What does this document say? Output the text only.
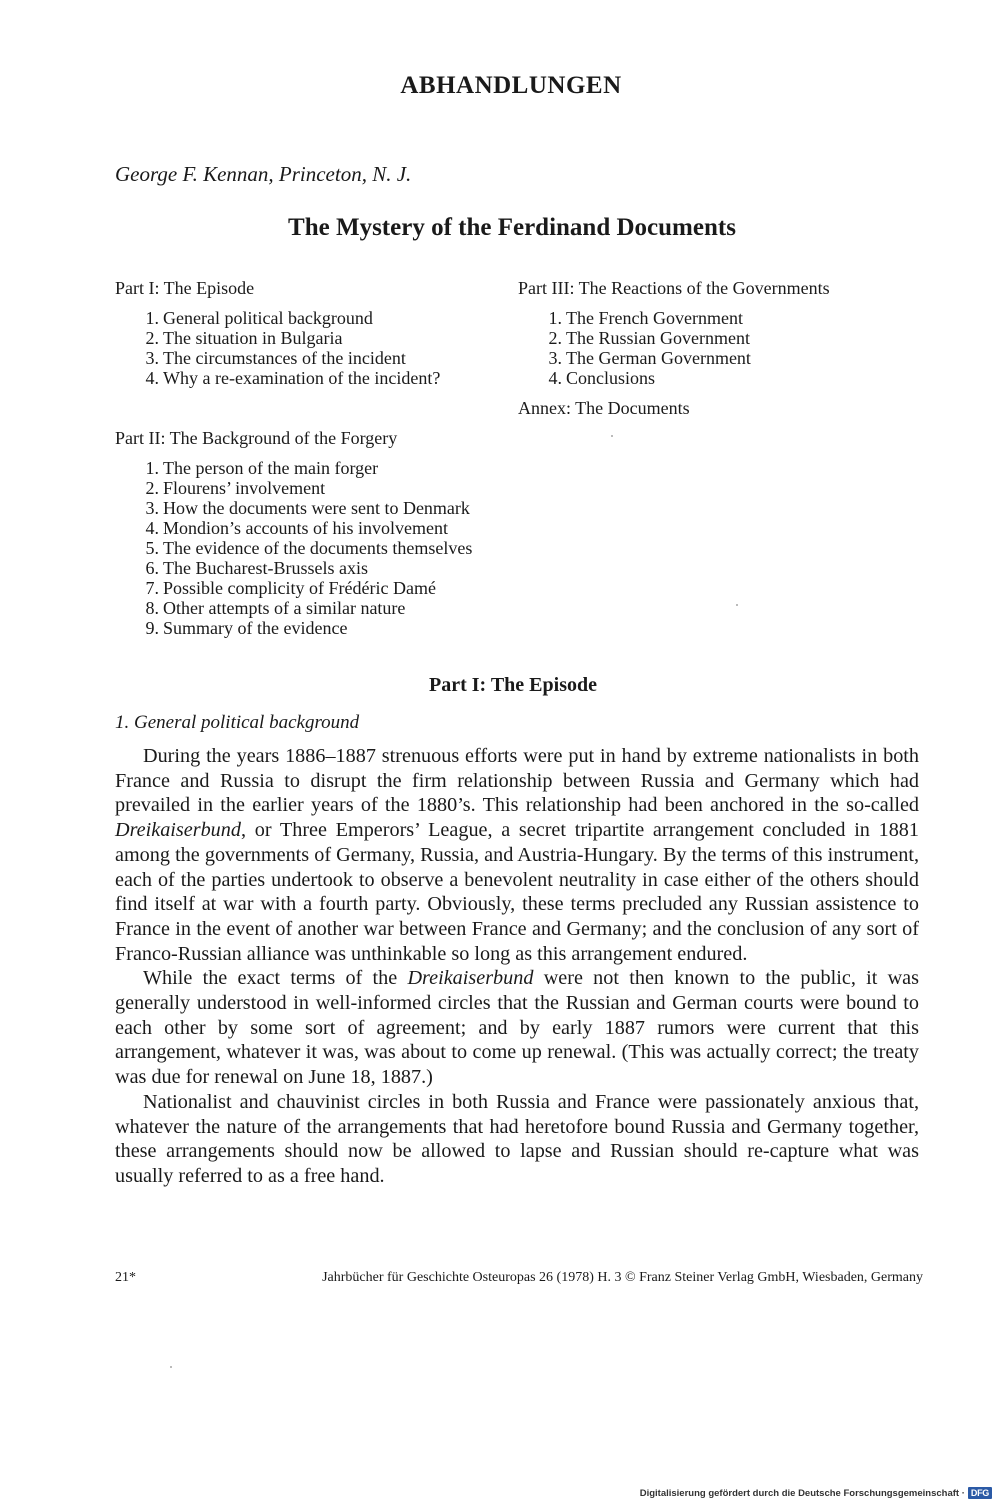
ABHANDLUNGEN
George F. Kennan, Princeton, N. J.
The Mystery of the Ferdinand Documents
Part I: The Episode
1. General political background
2. The situation in Bulgaria
3. The circumstances of the incident
4. Why a re-examination of the incident?
Part III: The Reactions of the Governments
1. The French Government
2. The Russian Government
3. The German Government
4. Conclusions
Annex: The Documents
Part II: The Background of the Forgery
1. The person of the main forger
2. Flourens’ involvement
3. How the documents were sent to Denmark
4. Mondion’s accounts of his involvement
5. The evidence of the documents themselves
6. The Bucharest-Brussels axis
7. Possible complicity of Frédéric Damé
8. Other attempts of a similar nature
9. Summary of the evidence
Part I: The Episode
1. General political background

During the years 1886–1887 strenuous efforts were put in hand by extreme nationalists in both France and Russia to disrupt the firm relationship between Russia and Germany which had prevailed in the earlier years of the 1880’s. This relationship had been anchored in the so-called Dreikaiserbund, or Three Emperors’ League, a secret tripartite arrangement concluded in 1881 among the governments of Germany, Russia, and Austria-Hungary. By the terms of this instrument, each of the parties undertook to observe a benevolent neutrality in case either of the others should find itself at war with a fourth party. Obviously, these terms precluded any Russian assistence to France in the event of another war between France and Germany; and the conclusion of any sort of Franco-Russian alliance was unthinkable so long as this arrangement endured.

While the exact terms of the Dreikaiserbund were not then known to the public, it was generally understood in well-informed circles that the Russian and German courts were bound to each other by some sort of agreement; and by early 1887 rumors were current that this arrangement, whatever it was, was about to come up renewal. (This was actually correct; the treaty was due for renewal on June 18, 1887.)

Nationalist and chauvinist circles in both Russia and France were passionately anxious that, whatever the nature of the arrangements that had heretofore bound Russia and Germany together, these arrangements should now be allowed to lapse and Russian should re-capture what was usually referred to as a free hand.

21*	Jahrbücher für Geschichte Osteuropas 26 (1978) H. 3 © Franz Steiner Verlag GmbH, Wiesbaden, Germany
Digitalisierung gefördert durch die Deutsche Forschungsgemeinschaft · DFG
